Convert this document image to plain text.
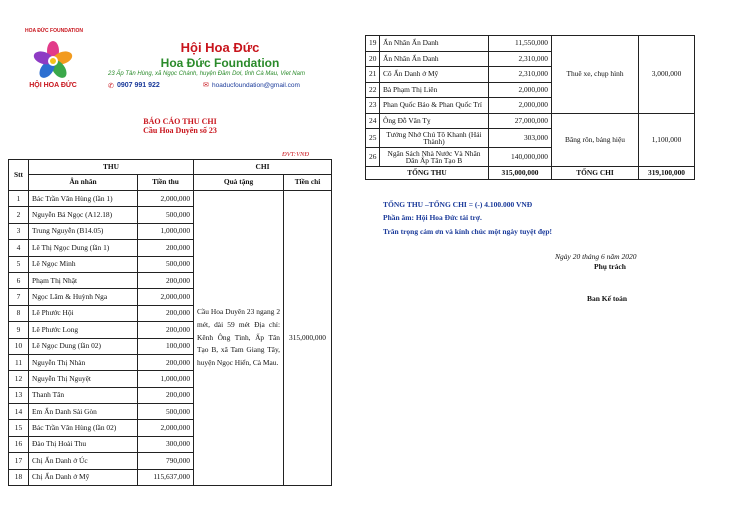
HOA ĐỨC FOUNDATION
HỘI HOA ĐỨC
Hội Hoa Đức
Hoa Đức Foundation
23 Ấp Tân Hùng, xã Ngọc Chánh, huyện Đầm Dơi, tỉnh Cà Mau, Viet Nam
✆ 0907 991 922	✉ hoaducfoundation@gmail.com
BÁO CÁO THU CHI
Cầu Hoa Duyên số 23
ĐVT:VNĐ
Stt	THU		CHI	
	Ân nhân	Tiền thu	Quà tặng	Tiền chi
1	Bác Trần Văn Hùng (lần 1)	2,000,000	Cầu Hoa Duyên 23 ngang 2 mét, dài 59 mét Địa chỉ: Kênh Ông Tình, Ấp Tân Tạo B, xã Tam Giang Tây, huyện Ngọc Hiển, Cà Mau.	315,000,000
2	Nguyễn Bá Ngọc (A12.18)	500,000		
3	Trung Nguyễn (B14.05)	1,000,000		
4	Lê Thị Ngọc Dung (lần 1)	200,000		
5	Lê Ngọc Minh	500,000		
6	Phạm Thị Nhật	200,000		
7	Ngọc Lâm & Huỳnh Nga	2,000,000		
8	Lê Phước Hội	200,000		
9	Lê Phước Long	200,000		
10	Lê Ngọc Dung (lần 02)	100,000		
11	Nguyễn Thị Nhàn	200,000		
12	Nguyễn Thị Nguyệt	1,000,000		
13	Thanh Tân	200,000		
14	Em Ẩn Danh Sài Gòn	500,000		
15	Bác Trần Văn Hùng (lần 02)	2,000,000		
16	Đào Thị Hoài Thu	300,000		
17	Chị Ẩn Danh ở Úc	790,000		
18	Chị Ẩn Danh ở Mỹ	115,637,000		
19	Ẩn Nhân Ẩn Danh	11,550,000	Thuê xe, chụp hình	3,000,000
20	Ẩn Nhân Ẩn Danh	2,310,000		
21	Cô Ẩn Danh ở Mỹ	2,310,000		
22	Bà Phạm Thị Liên	2,000,000		
23	Phan Quốc Bảo & Phan Quốc Trí	2,000,000		
24	Ông Đỗ Văn Tỵ	27,000,000	Băng rôn, bảng hiệu	1,100,000
25	Tưởng Nhớ Chú Tô Khanh (Hải Thành)	303,000		
26	Ngân Sách Nhà Nước Và Nhân Dân Ấp Tân Tạo B	140,000,000		
TỔNG THU		315,000,000	TỔNG CHI	319,100,000
TỔNG THU –TỔNG CHI = (-) 4.100.000 VNĐ
Phần âm: Hội Hoa Đức tài trợ.
Trân trọng cảm ơn và kính chúc một ngày tuyệt đẹp!
Ngày 20 tháng 6 năm 2020
Phụ trách
Ban Kế toán
